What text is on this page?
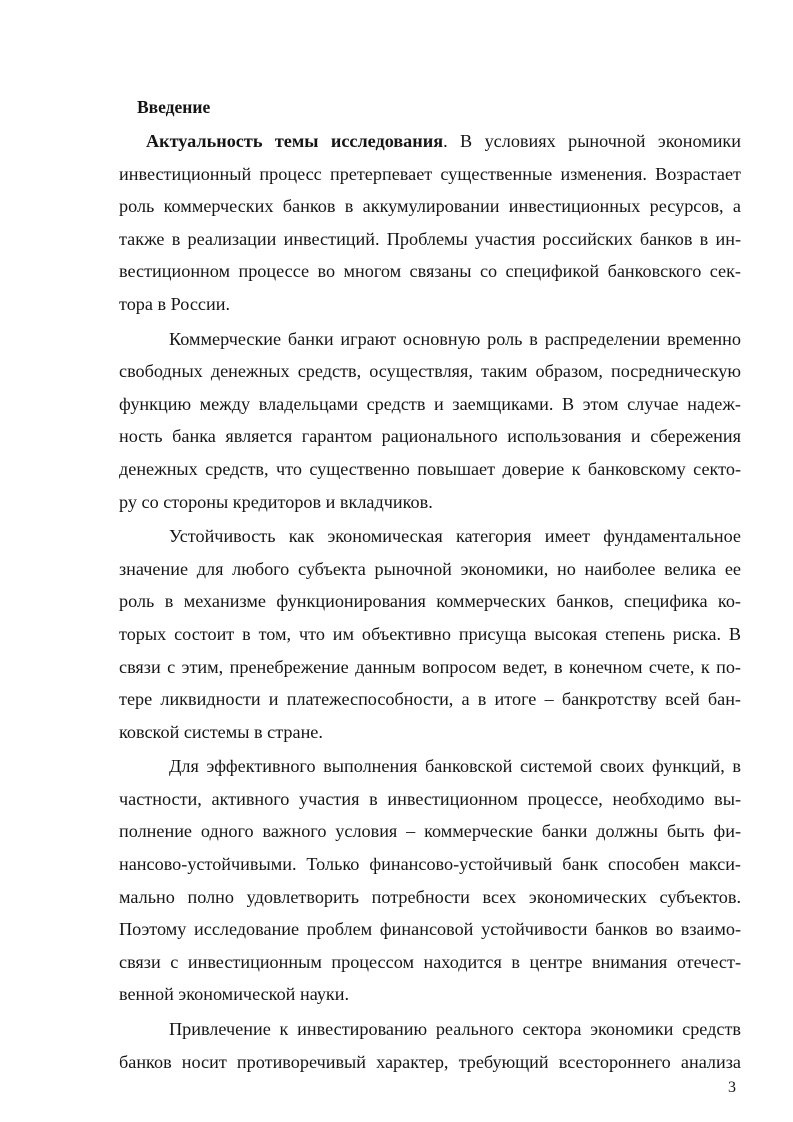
Введение
Актуальность темы исследования. В условиях рыночной экономики
инвестиционный процесс претерпевает существенные изменения. Возрастает
роль коммерческих банков в аккумулировании инвестиционных ресурсов, а
также в реализации инвестиций. Проблемы участия российских банков в ин-
вестиционном процессе во многом связаны со спецификой банковского сек-
тора в России.
Коммерческие банки играют основную роль в распределении временно
свободных денежных средств, осуществляя, таким образом, посредническую
функцию между владельцами средств и заемщиками. В этом случае надеж-
ность банка является гарантом рационального использования и сбережения
денежных средств, что существенно повышает доверие к банковскому секто-
ру со стороны кредиторов и вкладчиков.
Устойчивость как экономическая категория имеет фундаментальное
значение для любого субъекта рыночной экономики, но наиболее велика ее
роль в механизме функционирования коммерческих банков, специфика ко-
торых состоит в том, что им объективно присуща высокая степень риска. В
связи с этим, пренебрежение данным вопросом ведет, в конечном счете, к по-
тере ликвидности и платежеспособности, а в итоге – банкротству всей бан-
ковской системы в стране.
Для эффективного выполнения банковской системой своих функций, в
частности, активного участия в инвестиционном процессе, необходимо вы-
полнение одного важного условия – коммерческие банки должны быть фи-
нансово-устойчивыми. Только финансово-устойчивый банк способен макси-
мально полно удовлетворить потребности всех экономических субъектов.
Поэтому исследование проблем финансовой устойчивости банков во взаимо-
связи с инвестиционным процессом находится в центре внимания отечест-
венной экономической науки.
Привлечение к инвестированию реального сектора экономики средств
банков носит противоречивый характер, требующий всестороннего анализа
3
